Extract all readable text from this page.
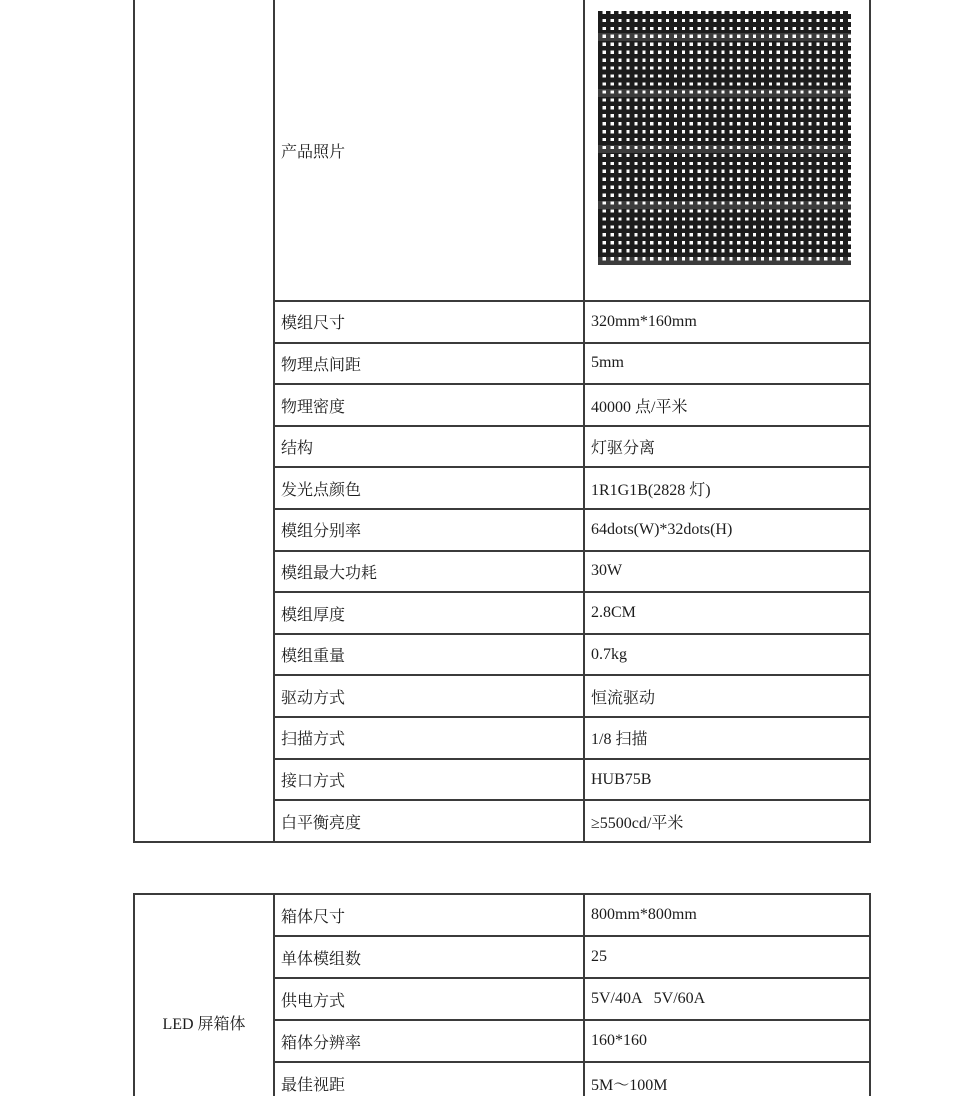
产品照片
模组尺寸	320mm*160mm
物理点间距	5mm
物理密度	40000 点/平米
结构	灯驱分离
发光点颜色	1R1G1B(2828 灯)
模组分别率	64dots(W)*32dots(H)
模组最大功耗	30W
模组厚度	2.8CM
模组重量	0.7kg
驱动方式	恒流驱动
扫描方式	1/8 扫描
接口方式	HUB75B
白平衡亮度	≥5500cd/平米
LED 屏箱体
箱体尺寸	800mm*800mm
单体模组数	25
供电方式	5V/40A   5V/60A
箱体分辨率	160*160
最佳视距	5M～100M
